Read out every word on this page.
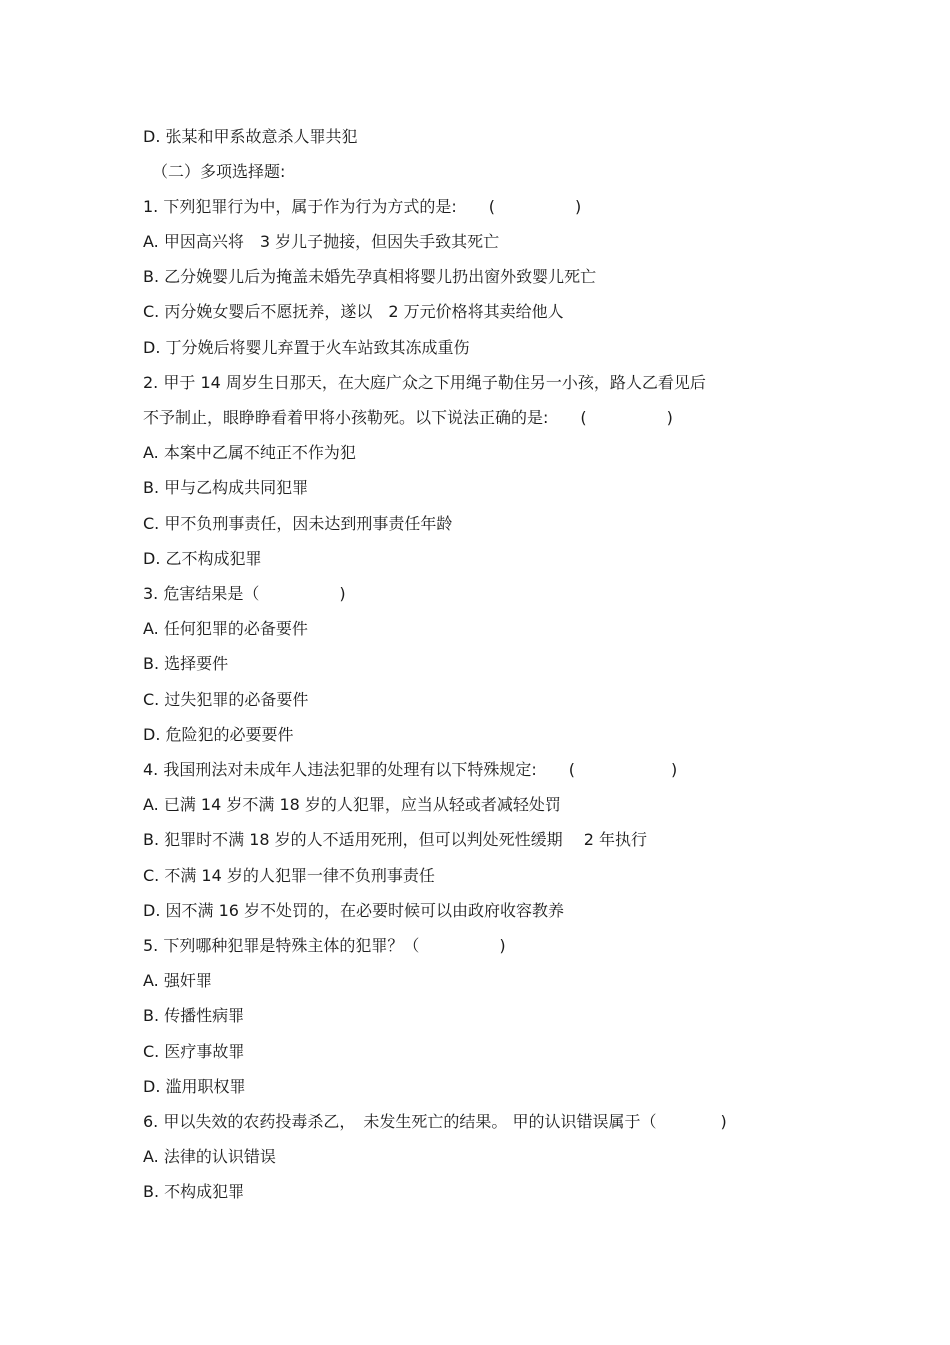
D. 张某和甲系故意杀人罪共犯
（二）多项选择题:
1. 下列犯罪行为中，属于作为行为方式的是:　　(　　　　　)
A. 甲因高兴将　3 岁儿子抛接，但因失手致其死亡
B. 乙分娩婴儿后为掩盖未婚先孕真相将婴儿扔出窗外致婴儿死亡
C. 丙分娩女婴后不愿抚养，遂以　2 万元价格将其卖给他人
D. 丁分娩后将婴儿弃置于火车站致其冻成重伤
2. 甲于 14 周岁生日那天，在大庭广众之下用绳子勒住另一小孩，路人乙看见后
不予制止，眼睁睁看着甲将小孩勒死。以下说法正确的是:　　(　　　　　)
A. 本案中乙属不纯正不作为犯
B. 甲与乙构成共同犯罪
C. 甲不负刑事责任，因未达到刑事责任年龄
D. 乙不构成犯罪
3. 危害结果是（　　　　　)
A. 任何犯罪的必备要件
B. 选择要件
C. 过失犯罪的必备要件
D. 危险犯的必要要件
4. 我国刑法对未成年人违法犯罪的处理有以下特殊规定:　　(　　　　　　)
A. 已满 14 岁不满 18 岁的人犯罪，应当从轻或者减轻处罚
B. 犯罪时不满 18 岁的人不适用死刑，但可以判处死性缓期　 2 年执行
C. 不满 14 岁的人犯罪一律不负刑事责任
D. 因不满 16 岁不处罚的，在必要时候可以由政府收容教养
5. 下列哪种犯罪是特殊主体的犯罪？（　　　　　)
A. 强奸罪
B. 传播性病罪
C. 医疗事故罪
D. 滥用职权罪
6. 甲以失效的农药投毒杀乙，　未发生死亡的结果。 甲的认识错误属于（　　　　)
A. 法律的认识错误
B. 不构成犯罪
